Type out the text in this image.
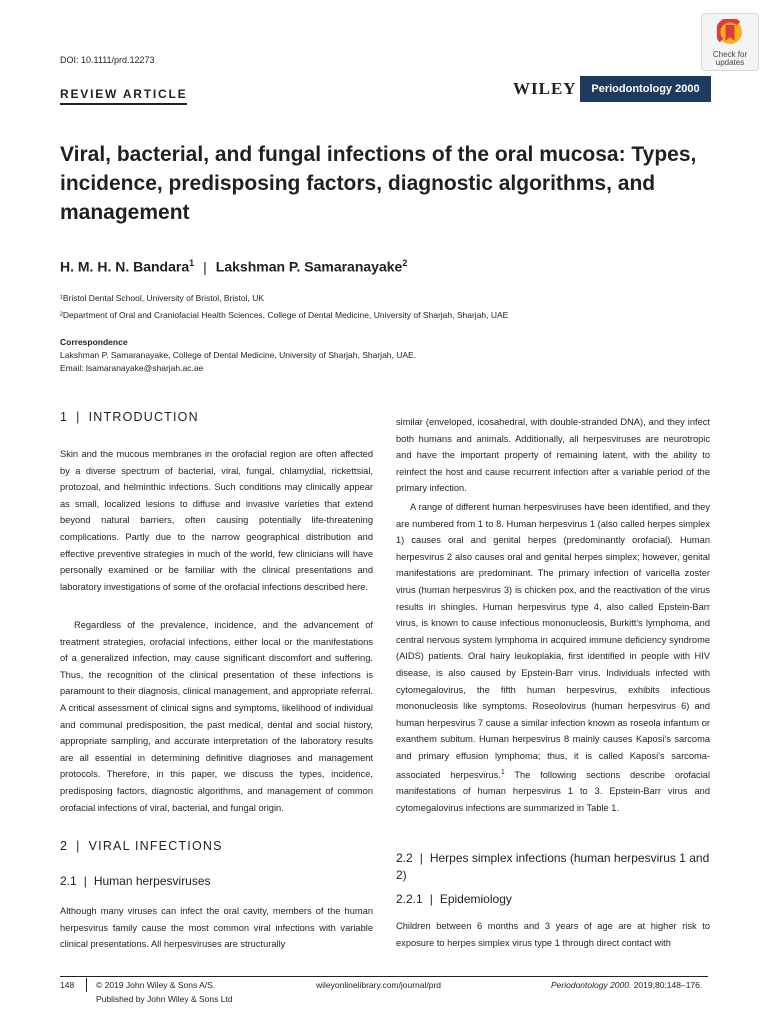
DOI: 10.1111/prd.12273
Check for
updates
REVIEW ARTICLE	WILEY Periodontology 2000
Viral, bacterial, and fungal infections of the oral mucosa: Types, incidence, predisposing factors, diagnostic algorithms, and management
H. M. H. N. Bandara$^1$ | Lakshman P. Samaranayake$^2$
¹Bristol Dental School, University of Bristol, Bristol, UK
²Department of Oral and Craniofacial Health Sciences, College of Dental Medicine, University of Sharjah, Sharjah, UAE
Correspondence
Lakshman P. Samaranayake, College of Dental Medicine, University of Sharjah, Sharjah, UAE.
Email: lsamaranayake@sharjah.ac.ae
1 | INTRODUCTION

Skin and the mucous membranes in the orofacial region are often affected by a diverse spectrum of bacterial, viral, fungal, chlamydial, rickettsial, protozoal, and helminthic infections. Such conditions may clinically appear as small, localized lesions to diffuse and invasive varieties that extend beyond natural barriers, often causing potentially life-threatening complications. Partly due to the narrow geographical distribution and effective preventive strategies in much of the world, few clinicians will have personally examined or be familiar with the clinical presentations and laboratory investigations of some of the orofacial infections described here.

Regardless of the prevalence, incidence, and the advancement of treatment strategies, orofacial infections, either local or the manifestations of a generalized infection, may cause significant discomfort and suffering. Thus, the recognition of the clinical presentation of these infections is paramount to their diagnosis, clinical management, and appropriate referral. A critical assessment of clinical signs and symptoms, likelihood of individual and communal predisposition, the past medical, dental and social history, appropriate sampling, and accurate interpretation of the laboratory results are all essential in determining definitive diagnoses and management protocols. Therefore, in this paper, we discuss the types, incidence, predisposing factors, diagnostic algorithms, and management of common orofacial infections of viral, bacterial, and fungal origin.

2 | VIRAL INFECTIONS
2.1 | Human herpesviruses

Although many viruses can infect the oral cavity, members of the human herpesvirus family cause the most common viral infections with variable clinical presentations. All herpesviruses are structurally

similar (enveloped, icosahedral, with double-stranded DNA), and they infect both humans and animals. Additionally, all herpesviruses are neurotropic and have the important property of remaining latent, with the ability to reinfect the host and cause recurrent infection after a variable period of the primary infection.

A range of different human herpesviruses have been identified, and they are numbered from 1 to 8. Human herpesvirus 1 (also called herpes simplex 1) causes oral and genital herpes (predominantly orofacial). Human herpesvirus 2 also causes oral and genital herpes simplex; however, genital manifestations are predominant. The primary infection of varicella zoster virus (human herpesvirus 3) is chicken pox, and the reactivation of the virus results in shingles. Human herpesvirus type 4, also called Epstein-Barr virus, is known to cause infectious mononucleosis, Burkitt's lymphoma, and central nervous system lymphoma in acquired immune deficiency syndrome (AIDS) patients. Oral hairy leukoplakia, first identified in people with HIV disease, is also caused by Epstein-Barr virus. Individuals infected with cytomegalovirus, the fifth human herpesvirus, exhibits infectious mononucleosis like symptoms. Roseolovirus (human herpesvirus 6) and human herpesvirus 7 cause a similar infection known as roseola infantum or exanthem subitum. Human herpesvirus 8 mainly causes Kaposi's sarcoma and primary effusion lymphoma; thus, it is called Kaposi's sarcoma-associated herpesvirus.$^1$ The following sections describe orofacial manifestations of human herpesvirus 1 to 3. Epstein-Barr virus and cytomegalovirus infections are summarized in Table 1.

2.2 | Herpes simplex infections (human herpesvirus 1 and 2)
2.2.1 | Epidemiology

Children between 6 months and 3 years of age are at higher risk to exposure to herpes simplex virus type 1 through direct contact with

148	© 2019 John Wiley & Sons A/S.
Published by John Wiley & Sons Ltd
wileyonlinelibrary.com/journal/prd	Periodontology 2000. 2019;80:148–176.
